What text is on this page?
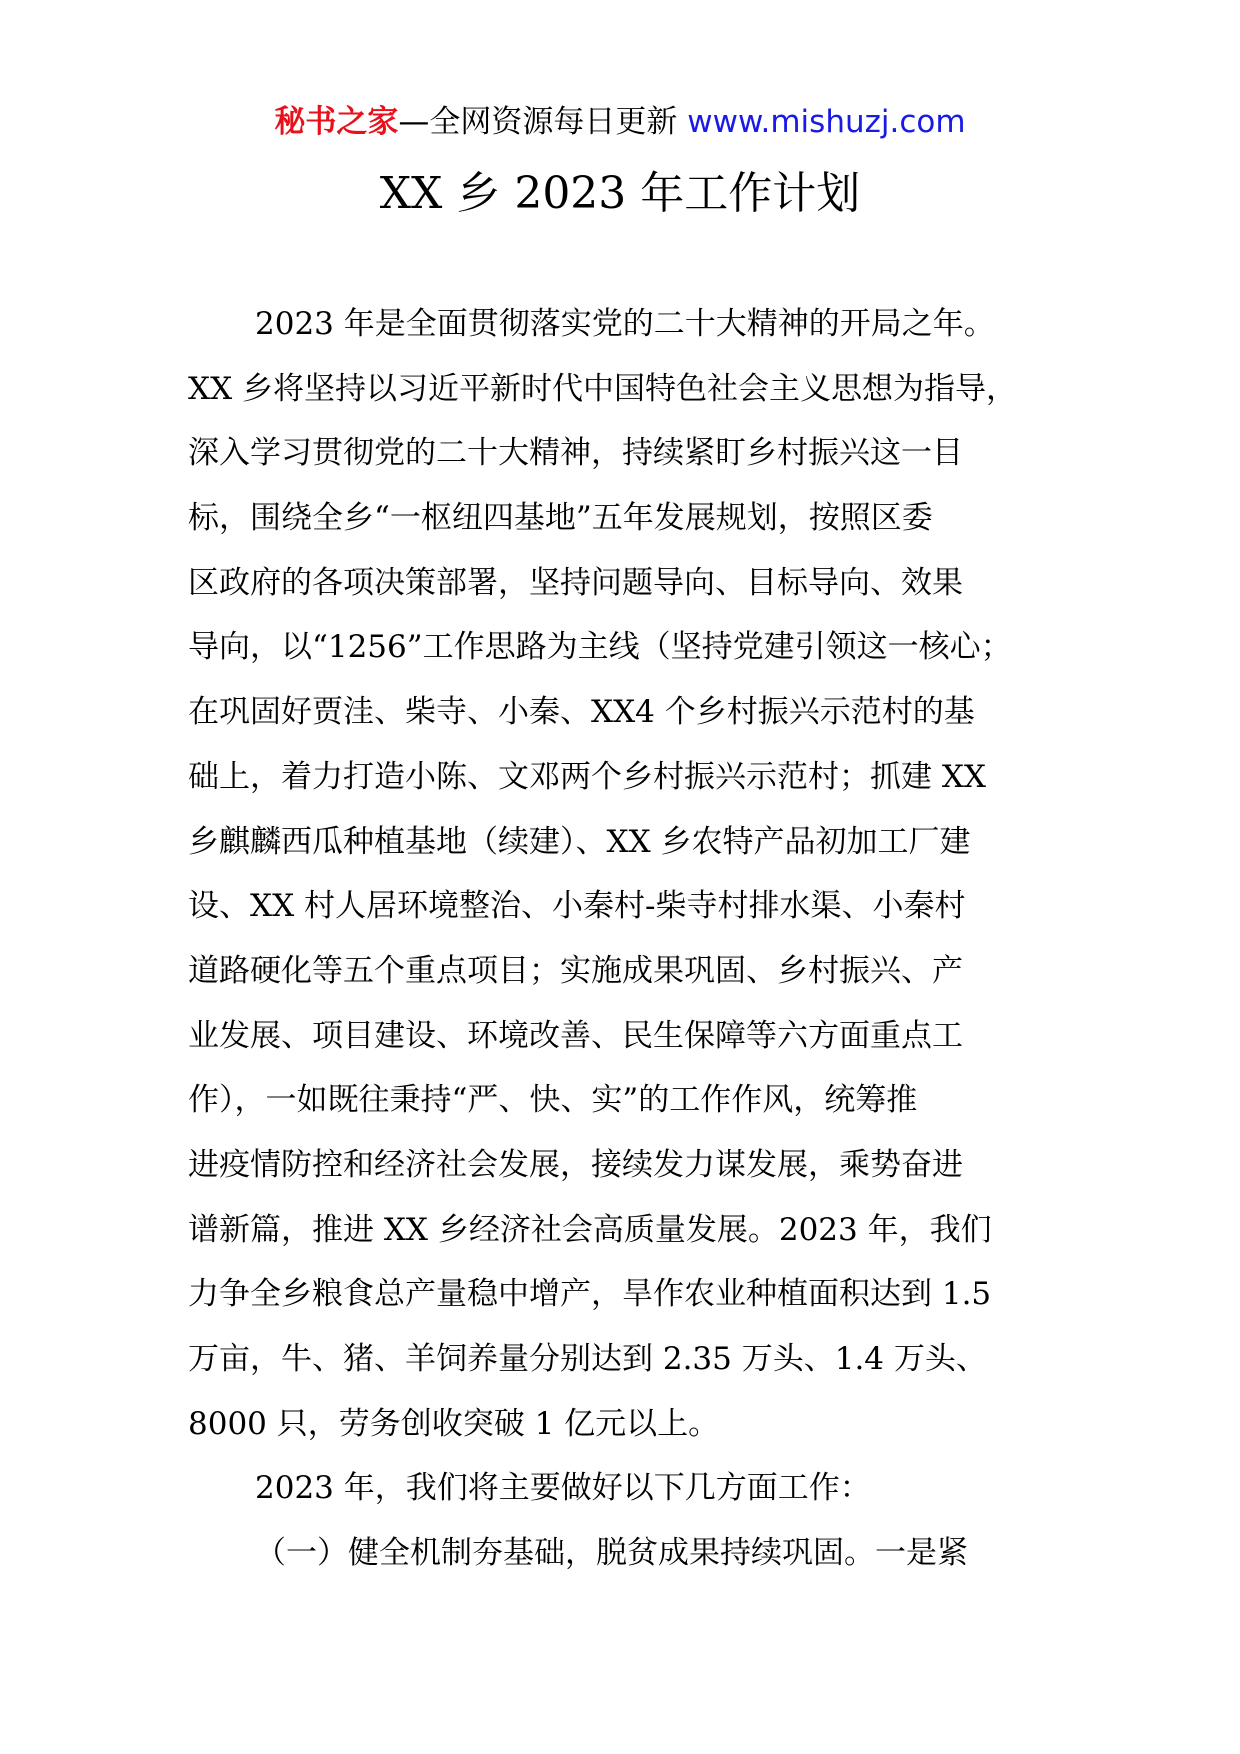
秘书之家—全网资源每日更新 www.mishuzj.com
XX 乡 2023 年工作计划
2023 年是全面贯彻落实党的二十大精神的开局之年。
XX 乡将坚持以习近平新时代中国特色社会主义思想为指导，
深入学习贯彻党的二十大精神，持续紧盯乡村振兴这一目
标，围绕全乡“一枢纽四基地”五年发展规划，按照区委
区政府的各项决策部署，坚持问题导向、目标导向、效果
导向，以“1256”工作思路为主线（坚持党建引领这一核心；
在巩固好贾洼、柴寺、小秦、XX4 个乡村振兴示范村的基
础上，着力打造小陈、文邓两个乡村振兴示范村；抓建 XX
乡麒麟西瓜种植基地（续建）、XX 乡农特产品初加工厂建
设、XX 村人居环境整治、小秦村-柴寺村排水渠、小秦村
道路硬化等五个重点项目；实施成果巩固、乡村振兴、产
业发展、项目建设、环境改善、民生保障等六方面重点工
作），一如既往秉持“严、快、实”的工作作风，统筹推
进疫情防控和经济社会发展，接续发力谋发展，乘势奋进
谱新篇，推进 XX 乡经济社会高质量发展。2023 年，我们
力争全乡粮食总产量稳中增产，旱作农业种植面积达到 1.5
万亩，牛、猪、羊饲养量分别达到 2.35 万头、1.4 万头、
8000 只，劳务创收突破 1 亿元以上。
2023 年，我们将主要做好以下几方面工作：
（一）健全机制夯基础，脱贫成果持续巩固。一是紧
